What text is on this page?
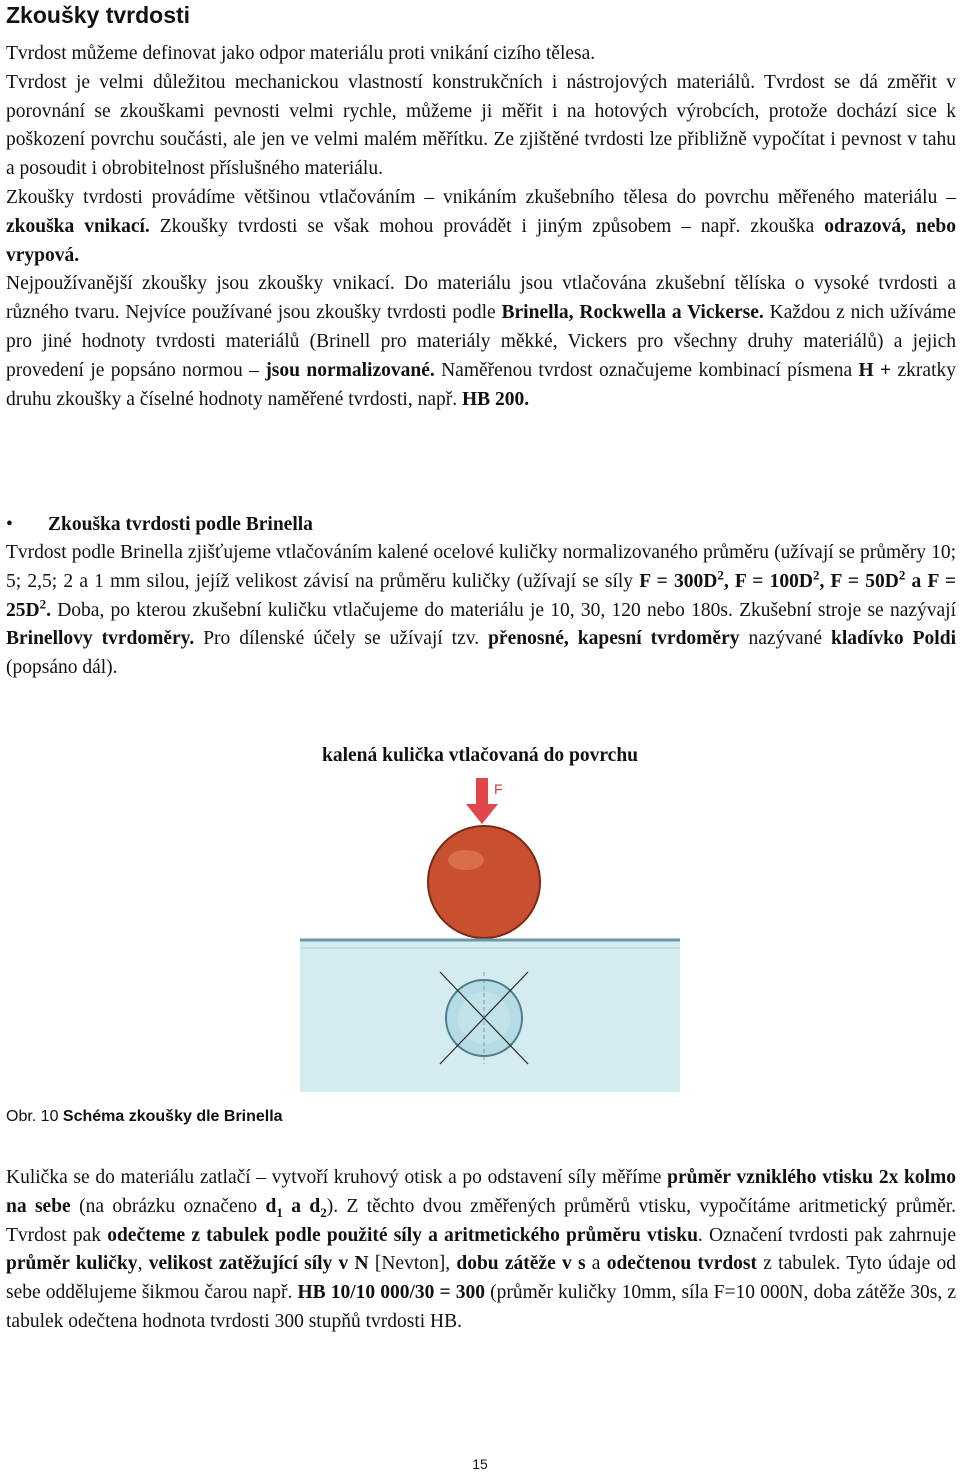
Zkoušky tvrdosti

Tvrdost můžeme definovat jako odpor materiálu proti vnikání cizího tělesa.

Tvrdost je velmi důležitou mechanickou vlastností konstrukčních i nástrojových materiálů. Tvrdost se dá změřit v porovnání se zkouškami pevnosti velmi rychle, můžeme ji měřit i na hotových výrobcích, protože dochází sice k poškození povrchu součásti, ale jen ve velmi malém měřítku. Ze zjištěné tvrdosti lze přibližně vypočítat i pevnost v tahu a posoudit i obrobitelnost příslušného materiálu.

Zkoušky tvrdosti provádíme většinou vtlačováním – vnikáním zkušebního tělesa do povrchu měřeného materiálu – zkouška vnikací. Zkoušky tvrdosti se však mohou provádět i jiným způsobem – např. zkouška odrazová, nebo vrypová.

Nejpoužívanější zkoušky jsou zkoušky vnikací. Do materiálu jsou vtlačována zkušební tělíska o vysoké tvrdosti a různého tvaru. Nejvíce používané jsou zkoušky tvrdosti podle Brinella, Rockwella a Vickerse. Každou z nich užíváme pro jiné hodnoty tvrdosti materiálů (Brinell pro materiály měkké, Vickers pro všechny druhy materiálů) a jejich provedení je popsáno normou – jsou normalizované. Naměřenou tvrdost označujeme kombinací písmena H + zkratky druhu zkoušky a číselné hodnoty naměřené tvrdosti, např. HB 200.

• Zkouška tvrdosti podle Brinella

Tvrdost podle Brinella zjišťujeme vtlačováním kalené ocelové kuličky normalizovaného průměru (užívají se průměry 10; 5; 2,5; 2 a 1 mm silou, jejíž velikost závisí na průměru kuličky (užívají se síly $F = 300D^2$, $F = 100D^2$, $F = 50D^2$ a $F = 25D^2$. Doba, po kterou zkušební kuličku vtlačujeme do materiálu je 10, 30, 120 nebo 180s. Zkušební stroje se nazývají Brinellovy tvrdoměry. Pro dílenské účely se užívají tzv. přenosné, kapesní tvrdoměry nazývané kladívko Poldi (popsáno dál).

kalená kulička vtlačovaná do povrchu
F
Obr. 10 Schéma zkoušky dle Brinella

Kulička se do materiálu zatlačí – vytvoří kruhový otisk a po odstavení síly měříme průměr vzniklého vtisku 2x kolmo na sebe (na obrázku označeno $d_1$ a $d_2$). Z těchto dvou změřených průměrů vtisku, vypočítáme aritmetický průměr. Tvrdost pak odečteme z tabulek podle použité síly a aritmetického průměru vtisku. Označení tvrdosti pak zahrnuje průměr kuličky, velikost zatěžující síly v N [Nevton], dobu zátěže v s a odečtenou tvrdost z tabulek. Tyto údaje od sebe oddělujeme šikmou čarou např. HB 10/10 000/30 = 300 (průměr kuličky 10mm, síla F=10 000N, doba zátěže 30s, z tabulek odečtena hodnota tvrdosti 300 stupňů tvrdosti HB.

15
